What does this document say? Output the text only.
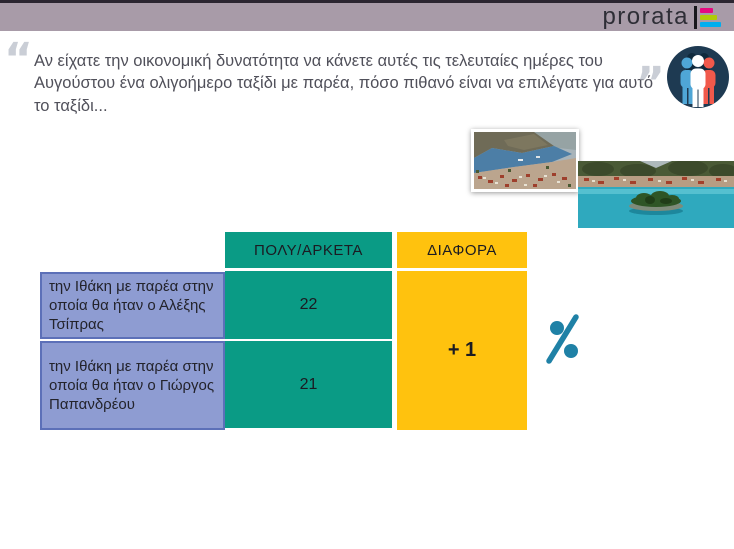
prorata
“ Αν είχατε την οικονομική δυνατότητα να κάνετε αυτές τις τελευταίες ημέρες του Αυγούστου ένα ολιγοήμερο ταξίδι με παρέα, πόσο πιθανό είναι να επιλέγατε για αυτό το ταξίδι...	”
ΠΟΛΥ/ΑΡΚΕΤΑ	ΔΙΑΦΟΡΑ
την Ιθάκη με παρέα στην οποία θα ήταν ο Αλέξης Τσίπρας
την Ιθάκη με παρέα στην οποία θα ήταν ο Γιώργος Παπανδρέου
22
21
+ 1
